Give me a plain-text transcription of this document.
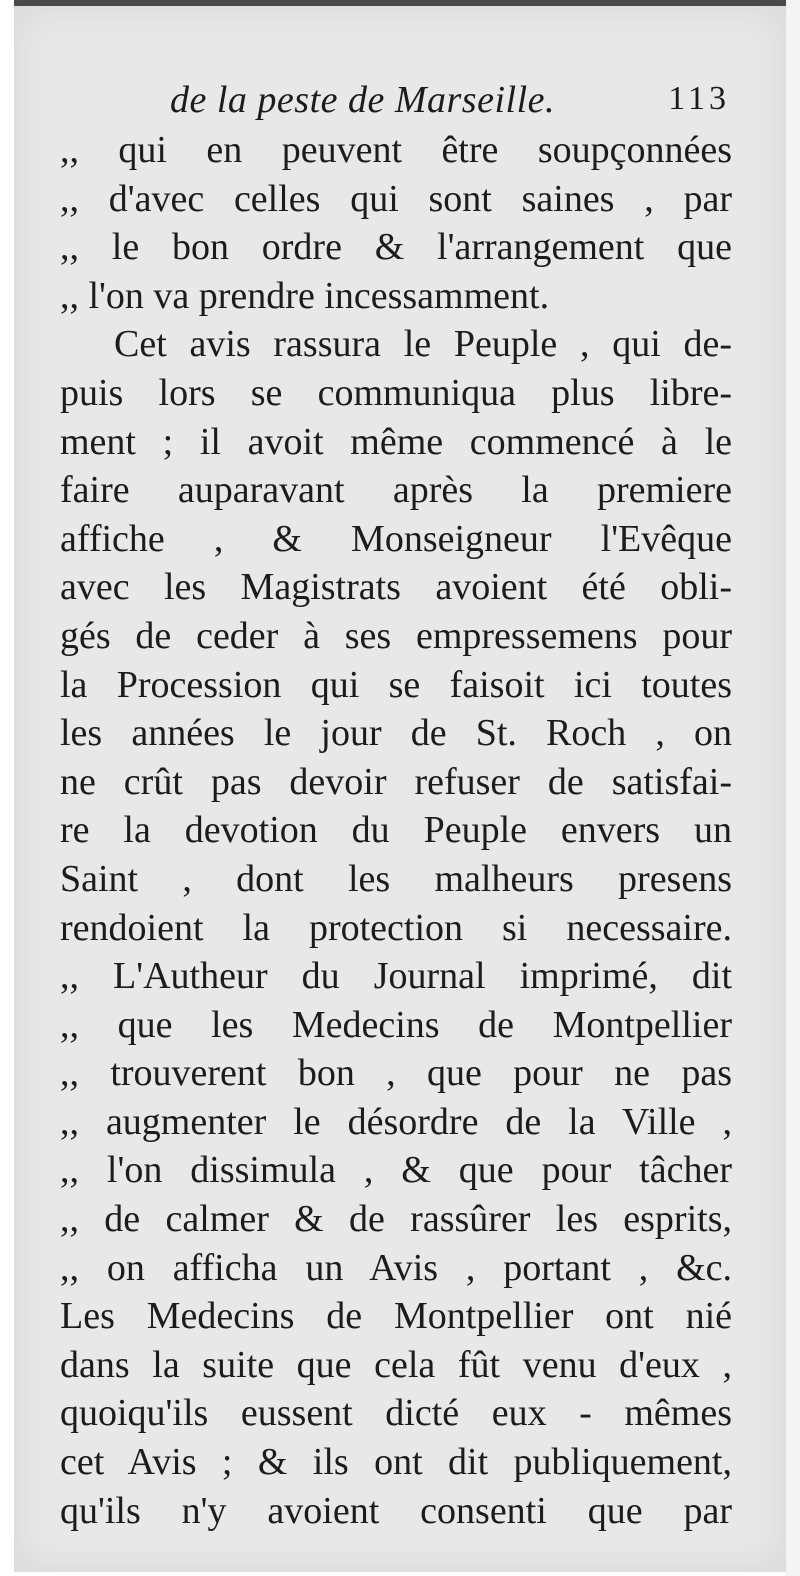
de la peste de Marseille.	113
,, qui en peuvent être soupçonnées
,, d'avec celles qui sont saines , par
,, le bon ordre & l'arrangement que
,, l'on va prendre incessamment.
Cet avis rassura le Peuple , qui de-
puis lors se communiqua plus libre-
ment ; il avoit même commencé à le
faire auparavant après la premiere
affiche , & Monseigneur l'Evêque
avec les Magistrats avoient été obli-
gés de ceder à ses empressemens pour
la Procession qui se faisoit ici toutes
les années le jour de St. Roch , on
ne crût pas devoir refuser de satisfai-
re la devotion du Peuple envers un
Saint , dont les malheurs presens
rendoient la protection si necessaire.
,, L'Autheur du Journal imprimé, dit
,, que les Medecins de Montpellier
,, trouverent bon , que pour ne pas
,, augmenter le désordre de la Ville ,
,, l'on dissimula , & que pour tâcher
,, de calmer & de rassûrer les esprits,
,, on afficha un Avis , portant , &c.
Les Medecins de Montpellier ont nié
dans la suite que cela fût venu d'eux ,
quoiqu'ils eussent dicté eux - mêmes
cet Avis ; & ils ont dit publiquement,
qu'ils n'y avoient consenti que par
